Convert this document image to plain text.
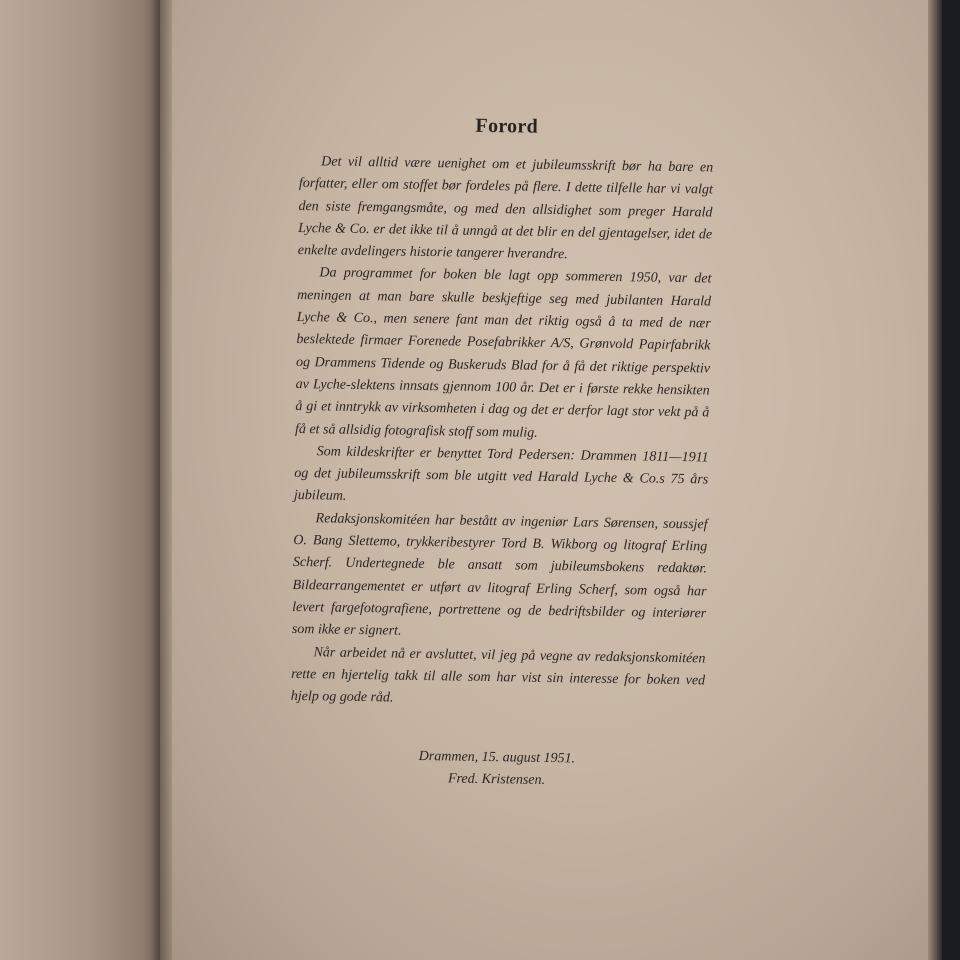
Forord

Det vil alltid være uenighet om et jubileumsskrift bør ha bare en forfatter, eller om stoffet bør fordeles på flere. I dette tilfelle har vi valgt den siste fremgangsmåte, og med den allsidighet som preger Harald Lyche & Co. er det ikke til å unngå at det blir en del gjentagelser, idet de enkelte avdelingers historie tangerer hverandre.

Da programmet for boken ble lagt opp sommeren 1950, var det meningen at man bare skulle beskjeftige seg med jubilanten Harald Lyche & Co., men senere fant man det riktig også å ta med de nær beslektede firmaer Forenede Posefabrikker A/S, Grønvold Papirfabrikk og Drammens Tidende og Buskeruds Blad for å få det riktige perspektiv av Lyche-slektens innsats gjennom 100 år. Det er i første rekke hensikten å gi et inntrykk av virksomheten i dag og det er derfor lagt stor vekt på å få et så allsidig fotografisk stoff som mulig.

Som kildeskrifter er benyttet Tord Pedersen: Drammen 1811—1911 og det jubileumsskrift som ble utgitt ved Harald Lyche & Co.s 75 års jubileum.

Redaksjonskomitéen har bestått av ingeniør Lars Sørensen, soussjef O. Bang Slettemo, trykkeribestyrer Tord B. Wikborg og litograf Erling Scherf. Undertegnede ble ansatt som jubileumsbokens redaktør. Bildearrangementet er utført av litograf Erling Scherf, som også har levert fargefotografiene, portrettene og de bedriftsbilder og interiører som ikke er signert.

Når arbeidet nå er avsluttet, vil jeg på vegne av redaksjonskomitéen rette en hjertelig takk til alle som har vist sin interesse for boken ved hjelp og gode råd.

Drammen, 15. august 1951.
Fred. Kristensen.
